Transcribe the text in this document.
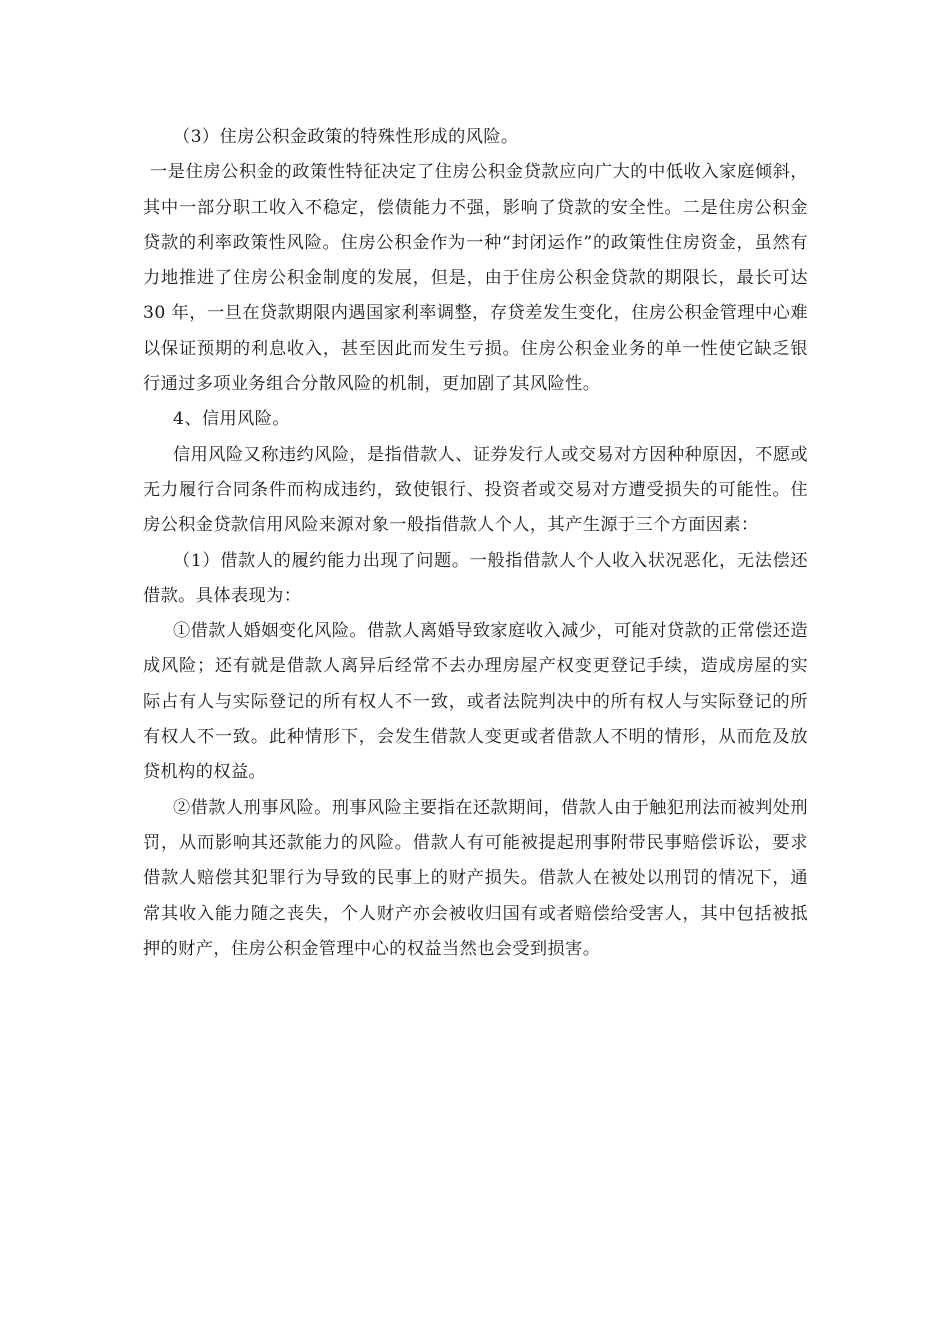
（3）住房公积金政策的特殊性形成的风险。

一是住房公积金的政策性特征决定了住房公积金贷款应向广大的中低收入家庭倾斜，其中一部分职工收入不稳定，偿债能力不强，影响了贷款的安全性。二是住房公积金贷款的利率政策性风险。住房公积金作为一种“封闭运作”的政策性住房资金，虽然有力地推进了住房公积金制度的发展，但是，由于住房公积金贷款的期限长，最长可达 30 年，一旦在贷款期限内遇国家利率调整，存贷差发生变化，住房公积金管理中心难以保证预期的利息收入，甚至因此而发生亏损。住房公积金业务的单一性使它缺乏银行通过多项业务组合分散风险的机制，更加剧了其风险性。

4、信用风险。

信用风险又称违约风险，是指借款人、证券发行人或交易对方因种种原因，不愿或无力履行合同条件而构成违约，致使银行、投资者或交易对方遭受损失的可能性。住房公积金贷款信用风险来源对象一般指借款人个人，其产生源于三个方面因素：

（1）借款人的履约能力出现了问题。一般指借款人个人收入状况恶化，无法偿还借款。具体表现为：

①借款人婚姻变化风险。借款人离婚导致家庭收入减少，可能对贷款的正常偿还造成风险；还有就是借款人离异后经常不去办理房屋产权变更登记手续，造成房屋的实际占有人与实际登记的所有权人不一致，或者法院判决中的所有权人与实际登记的所有权人不一致。此种情形下，会发生借款人变更或者借款人不明的情形，从而危及放贷机构的权益。

②借款人刑事风险。刑事风险主要指在还款期间，借款人由于触犯刑法而被判处刑罚，从而影响其还款能力的风险。借款人有可能被提起刑事附带民事赔偿诉讼，要求借款人赔偿其犯罪行为导致的民事上的财产损失。借款人在被处以刑罚的情况下，通常其收入能力随之丧失，个人财产亦会被收归国有或者赔偿给受害人，其中包括被抵押的财产，住房公积金管理中心的权益当然也会受到损害。
